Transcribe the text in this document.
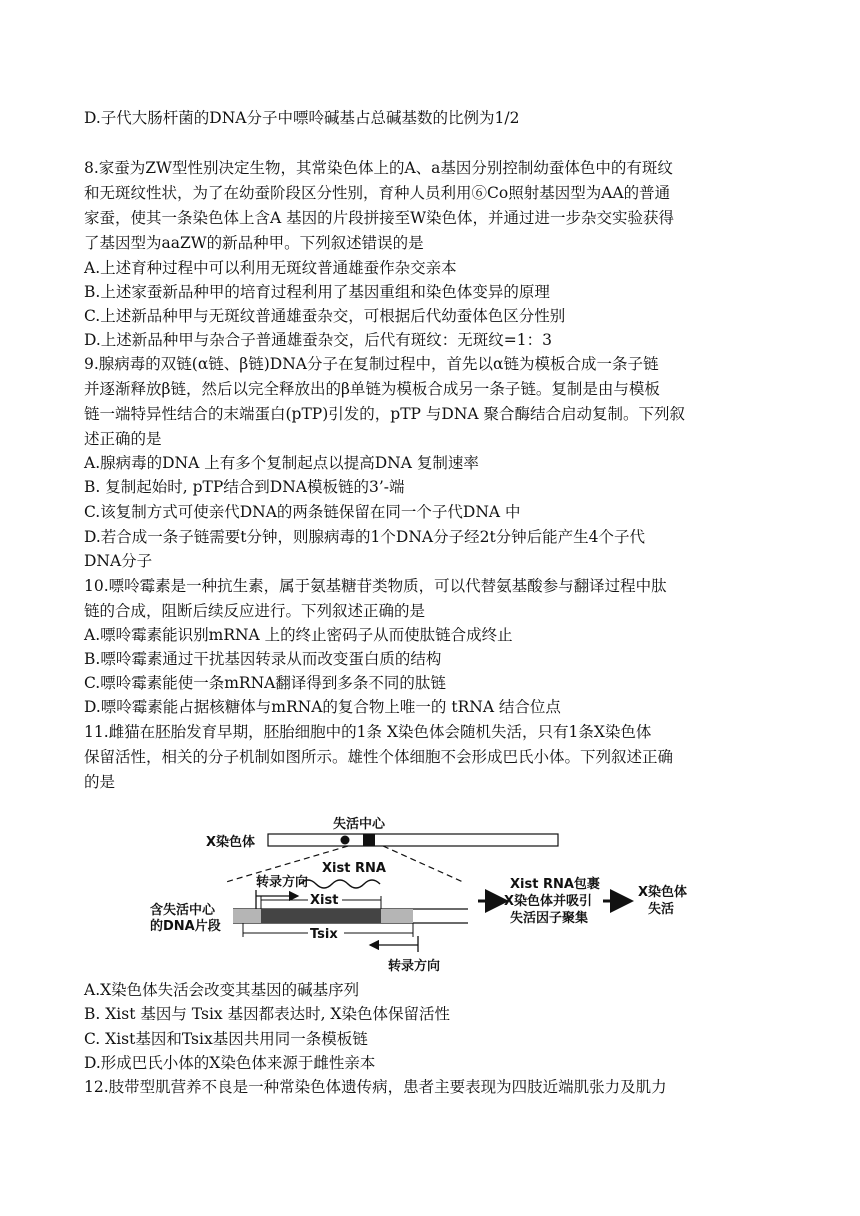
D.子代大肠杆菌的DNA分子中嘌呤碱基占总碱基数的比例为1/2
8.家蚕为ZW型性别决定生物，其常染色体上的A、a基因分别控制幼蚕体色中的有斑纹
和无斑纹性状，为了在幼蚕阶段区分性别，育种人员利用⑥Co照射基因型为AA的普通
家蚕，使其一条染色体上含A 基因的片段拼接至W染色体，并通过进一步杂交实验获得
了基因型为aaZW的新品种甲。下列叙述错误的是
A.上述育种过程中可以利用无斑纹普通雄蚕作杂交亲本
B.上述家蚕新品种甲的培育过程利用了基因重组和染色体变异的原理
C.上述新品种甲与无斑纹普通雄蚕杂交，可根据后代幼蚕体色区分性别
D.上述新品种甲与杂合子普通雄蚕杂交，后代有斑纹：无斑纹=1：3
9.腺病毒的双链(α链、β链)DNA分子在复制过程中，首先以α链为模板合成一条子链
并逐渐释放β链，然后以完全释放出的β单链为模板合成另一条子链。复制是由与模板
链一端特异性结合的末端蛋白(pTP)引发的，pTP 与DNA 聚合酶结合启动复制。下列叙
述正确的是
A.腺病毒的DNA 上有多个复制起点以提高DNA 复制速率
B. 复制起始时, pTP结合到DNA模板链的3’-端
C.该复制方式可使亲代DNA的两条链保留在同一个子代DNA 中
D.若合成一条子链需要t分钟，则腺病毒的1个DNA分子经2t分钟后能产生4个子代
DNA分子
10.嘌呤霉素是一种抗生素，属于氨基糖苷类物质，可以代替氨基酸参与翻译过程中肽
链的合成，阻断后续反应进行。下列叙述正确的是
A.嘌呤霉素能识别mRNA 上的终止密码子从而使肽链合成终止
B.嘌呤霉素通过干扰基因转录从而改变蛋白质的结构
C.嘌呤霉素能使一条mRNA翻译得到多条不同的肽链
D.嘌呤霉素能占据核糖体与mRNA的复合物上唯一的 tRNA 结合位点
11.雌猫在胚胎发育早期，胚胎细胞中的1条 X染色体会随机失活，只有1条X染色体
保留活性，相关的分子机制如图所示。雄性个体细胞不会形成巴氏小体。下列叙述正确
的是
X染色体
失活中心
Xist RNA
转录方向
含失活中心
的DNA片段
Xist
Tsix
转录方向
Xist RNA包裹
X染色体并吸引
失活因子聚集
X染色体
失活
A.X染色体失活会改变其基因的碱基序列
B. Xist 基因与 Tsix 基因都表达时, X染色体保留活性
C. Xist基因和Tsix基因共用同一条模板链
D.形成巴氏小体的X染色体来源于雌性亲本
12.肢带型肌营养不良是一种常染色体遗传病，患者主要表现为四肢近端肌张力及肌力
